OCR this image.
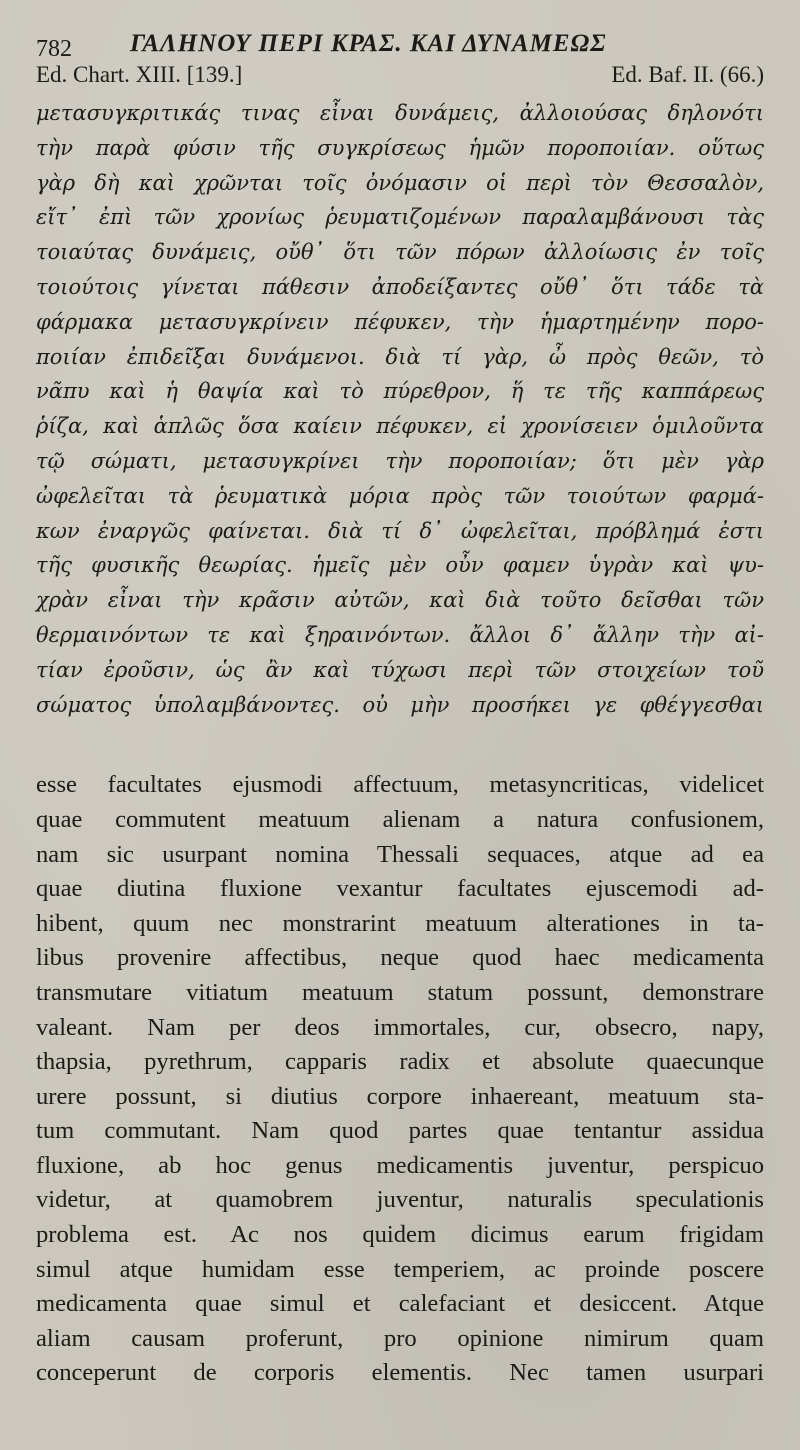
782 ΓΑΛΗΝΟΥ ΠΕΡΙ ΚΡΑΣ. ΚΑΙ ΔΥΝΑΜΕΩΣ
Ed. Chart. XIII. [139.]	Ed. Baf. II. (66.)
μετασυγκριτικάς τινας εἶναι δυνάμεις, ἀλλοιούσας δηλονότι
τὴν παρὰ φύσιν τῆς συγκρίσεως ἡμῶν ποροποιίαν. οὕτως
γὰρ δὴ καὶ χρῶνται τοῖς ὀνόμασιν οἱ περὶ τὸν Θεσσαλὸν,
εἴτ᾽ ἐπὶ τῶν χρονίως ῥευματιζομένων παραλαμβάνουσι τὰς
τοιαύτας δυνάμεις, οὔθ᾽ ὅτι τῶν πόρων ἀλλοίωσις ἐν τοῖς
τοιούτοις γίνεται πάθεσιν ἀποδείξαντες οὔθ᾽ ὅτι τάδε τὰ
φάρμακα μετασυγκρίνειν πέφυκεν, τὴν ἡμαρτημένην πορο-
ποιίαν ἐπιδεῖξαι δυνάμενοι. διὰ τί γὰρ, ὦ πρὸς θεῶν, τὸ
νᾶπυ καὶ ἡ θαψία καὶ τὸ πύρεθρον, ἥ τε τῆς καππάρεως
ῥίζα, καὶ ἁπλῶς ὅσα καίειν πέφυκεν, εἰ χρονίσειεν ὁμιλοῦντα
τῷ σώματι, μετασυγκρίνει τὴν ποροποιίαν; ὅτι μὲν γὰρ
ὠφελεῖται τὰ ῥευματικὰ μόρια πρὸς τῶν τοιούτων φαρμά-
κων ἐναργῶς φαίνεται. διὰ τί δ᾽ ὠφελεῖται, πρόβλημά ἐστι
τῆς φυσικῆς θεωρίας. ἡμεῖς μὲν οὖν φαμεν ὑγρὰν καὶ ψυ-
χρὰν εἶναι τὴν κρᾶσιν αὐτῶν, καὶ διὰ τοῦτο δεῖσθαι τῶν
θερμαινόντων τε καὶ ξηραινόντων. ἄλλοι δ᾽ ἄλλην τὴν αἰ-
τίαν ἐροῦσιν, ὡς ἂν καὶ τύχωσι περὶ τῶν στοιχείων τοῦ
σώματος ὑπολαμβάνοντες. οὐ μὴν προσήκει γε φθέγγεσθαι
esse facultates ejusmodi affectuum, metasyncriticas, videlicet
quae commutent meatuum alienam a natura confusionem,
nam sic usurpant nomina Thessali sequaces, atque ad ea
quae diutina fluxione vexantur facultates ejuscemodi ad-
hibent, quum nec monstrarint meatuum alterationes in ta-
libus provenire affectibus, neque quod haec medicamenta
transmutare vitiatum meatuum statum possunt, demonstrare
valeant. Nam per deos immortales, cur, obsecro, napy,
thapsia, pyrethrum, capparis radix et absolute quaecunque
urere possunt, si diutius corpore inhaereant, meatuum sta-
tum commutant. Nam quod partes quae tentantur assidua
fluxione, ab hoc genus medicamentis juventur, perspicuo
videtur, at quamobrem juventur, naturalis speculationis
problema est. Ac nos quidem dicimus earum frigidam
simul atque humidam esse temperiem, ac proinde poscere
medicamenta quae simul et calefaciant et desiccent. Atque
aliam causam proferunt, pro opinione nimirum quam
conceperunt de corporis elementis. Nec tamen usurpari
